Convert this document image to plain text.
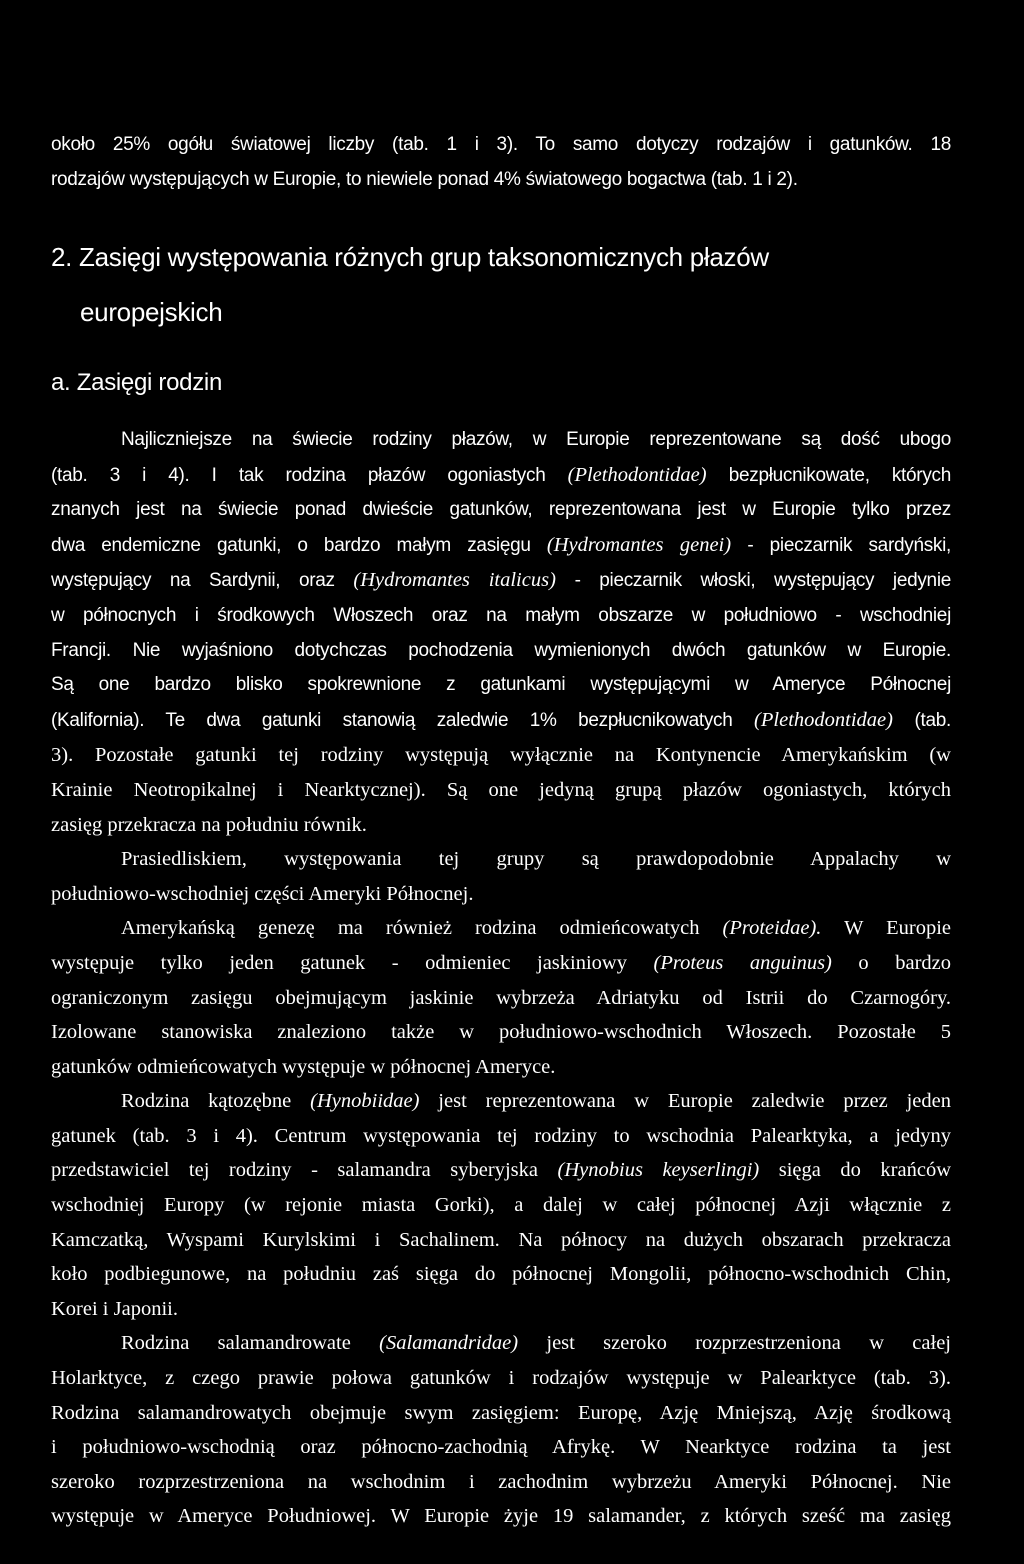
około 25% ogółu światowej liczby (tab. 1 i 3). To samo dotyczy rodzajów i gatunków. 18
rodzajów występujących w Europie, to niewiele ponad 4% światowego bogactwa (tab. 1 i 2).
2. Zasięgi występowania różnych grup taksonomicznych płazów
europejskich
a. Zasięgi rodzin
Najliczniejsze na świecie rodziny płazów, w Europie reprezentowane są dość ubogo
(tab. 3 i 4). I tak rodzina płazów ogoniastych (Plethodontidae) bezpłucnikowate, których
znanych jest na świecie ponad dwieście gatunków, reprezentowana jest w Europie tylko przez
dwa endemiczne gatunki, o bardzo małym zasięgu (Hydromantes genei) - pieczarnik sardyński,
występujący na Sardynii, oraz (Hydromantes italicus) - pieczarnik włoski, występujący jedynie
w północnych i środkowych Włoszech oraz na małym obszarze w południowo - wschodniej
Francji. Nie wyjaśniono dotychczas pochodzenia wymienionych dwóch gatunków w Europie.
Są one bardzo blisko spokrewnione z gatunkami występującymi w Ameryce Północnej
(Kalifornia). Te dwa gatunki stanowią zaledwie 1% bezpłucnikowatych (Plethodontidae) (tab.
3). Pozostałe gatunki tej rodziny występują wyłącznie na Kontynencie Amerykańskim (w
Krainie Neotropikalnej i Nearktycznej). Są one jedyną grupą płazów ogoniastych, których
zasięg przekracza na południu równik.
Prasiedliskiem, występowania tej grupy są prawdopodobnie Appalachy w
południowo-wschodniej części Ameryki Północnej.
Amerykańską genezę ma również rodzina odmieńcowatych (Proteidae). W Europie
występuje tylko jeden gatunek - odmieniec jaskiniowy (Proteus anguinus) o bardzo
ograniczonym zasięgu obejmującym jaskinie wybrzeża Adriatyku od Istrii do Czarnogóry.
Izolowane stanowiska znaleziono także w południowo-wschodnich Włoszech. Pozostałe 5
gatunków odmieńcowatych występuje w północnej Ameryce.
Rodzina kątozębne (Hynobiidae) jest reprezentowana w Europie zaledwie przez jeden
gatunek (tab. 3 i 4). Centrum występowania tej rodziny to wschodnia Palearktyka, a jedyny
przedstawiciel tej rodziny - salamandra syberyjska (Hynobius keyserlingi) sięga do krańców
wschodniej Europy (w rejonie miasta Gorki), a dalej w całej północnej Azji włącznie z
Kamczatką, Wyspami Kurylskimi i Sachalinem. Na północy na dużych obszarach przekracza
koło podbiegunowe, na południu zaś sięga do północnej Mongolii, północno-wschodnich Chin,
Korei i Japonii.
Rodzina salamandrowate (Salamandridae) jest szeroko rozprzestrzeniona w całej
Holarktyce, z czego prawie połowa gatunków i rodzajów występuje w Palearktyce (tab. 3).
Rodzina salamandrowatych obejmuje swym zasięgiem: Europę, Azję Mniejszą, Azję środkową
i południowo-wschodnią oraz północno-zachodnią Afrykę. W Nearktyce rodzina ta jest
szeroko rozprzestrzeniona na wschodnim i zachodnim wybrzeżu Ameryki Północnej. Nie
występuje w Ameryce Południowej. W Europie żyje 19 salamander, z których sześć ma zasięg
